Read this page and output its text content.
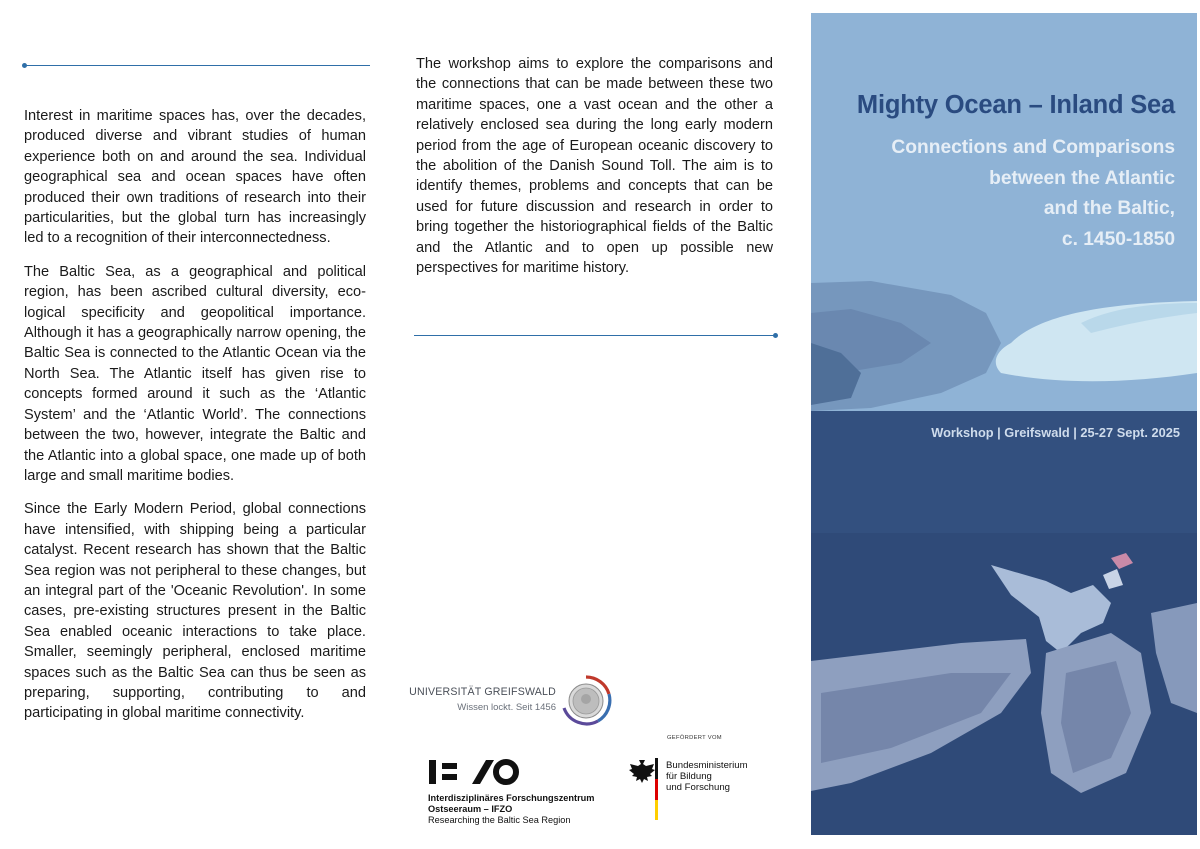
Interest in maritime spaces has, over the decades, produced diverse and vibrant studies of human experience both on and around the sea. Individual geographical sea and ocean spaces have often produced their own traditions of research into their particularities, but the global turn has increasingly led to a recognition of their interconnectedness.

The Baltic Sea, as a geographical and political region, has been ascribed cultural diversity, ecological specificity and geopolitical importance. Although it has a geographically narrow opening, the Baltic Sea is connected to the Atlantic Ocean via the North Sea. The Atlantic itself has given rise to concepts formed around it such as the ‘Atlantic System’ and the ‘Atlantic World’. The connections between the two, however, integrate the Baltic and the Atlantic into a global space, one made up of both large and small maritime bodies.

Since the Early Modern Period, global connections have intensified, with shipping being a particular catalyst. Recent research has shown that the Baltic Sea region was not peripheral to these changes, but an integral part of the 'Oceanic Revolution'. In some cases, pre-existing structures present in the Baltic Sea enabled oceanic interactions to take place. Smaller, seemingly peripheral, enclosed maritime spaces such as the Baltic Sea can thus be seen as preparing, supporting, contributing to and participating in global maritime connectivity.

The workshop aims to explore the comparisons and the connections that can be made between these two maritime spaces, one a vast ocean and the other a relatively enclosed sea during the long early modern period from the age of European oceanic discovery to the abolition of the Danish Sound Toll. The aim is to identify themes, problems and concepts that can be used for future discussion and research in order to bring together the historiographical fields of the Baltic and the Atlantic and to open up possible new perspectives for maritime history.

UNIVERSITÄT GREIFSWALD
Wissen lockt. Seit 1456
Interdisziplinäres Forschungszentrum
Ostseeraum – IFZO
Researching the Baltic Sea Region
GEFÖRDERT VOM
Bundesministerium
für Bildung
und Forschung
Mighty Ocean – Inland Sea
Connections and Comparisons
between the Atlantic
and the Baltic,
c. 1450-1850
Workshop | Greifswald | 25-27 Sept. 2025
